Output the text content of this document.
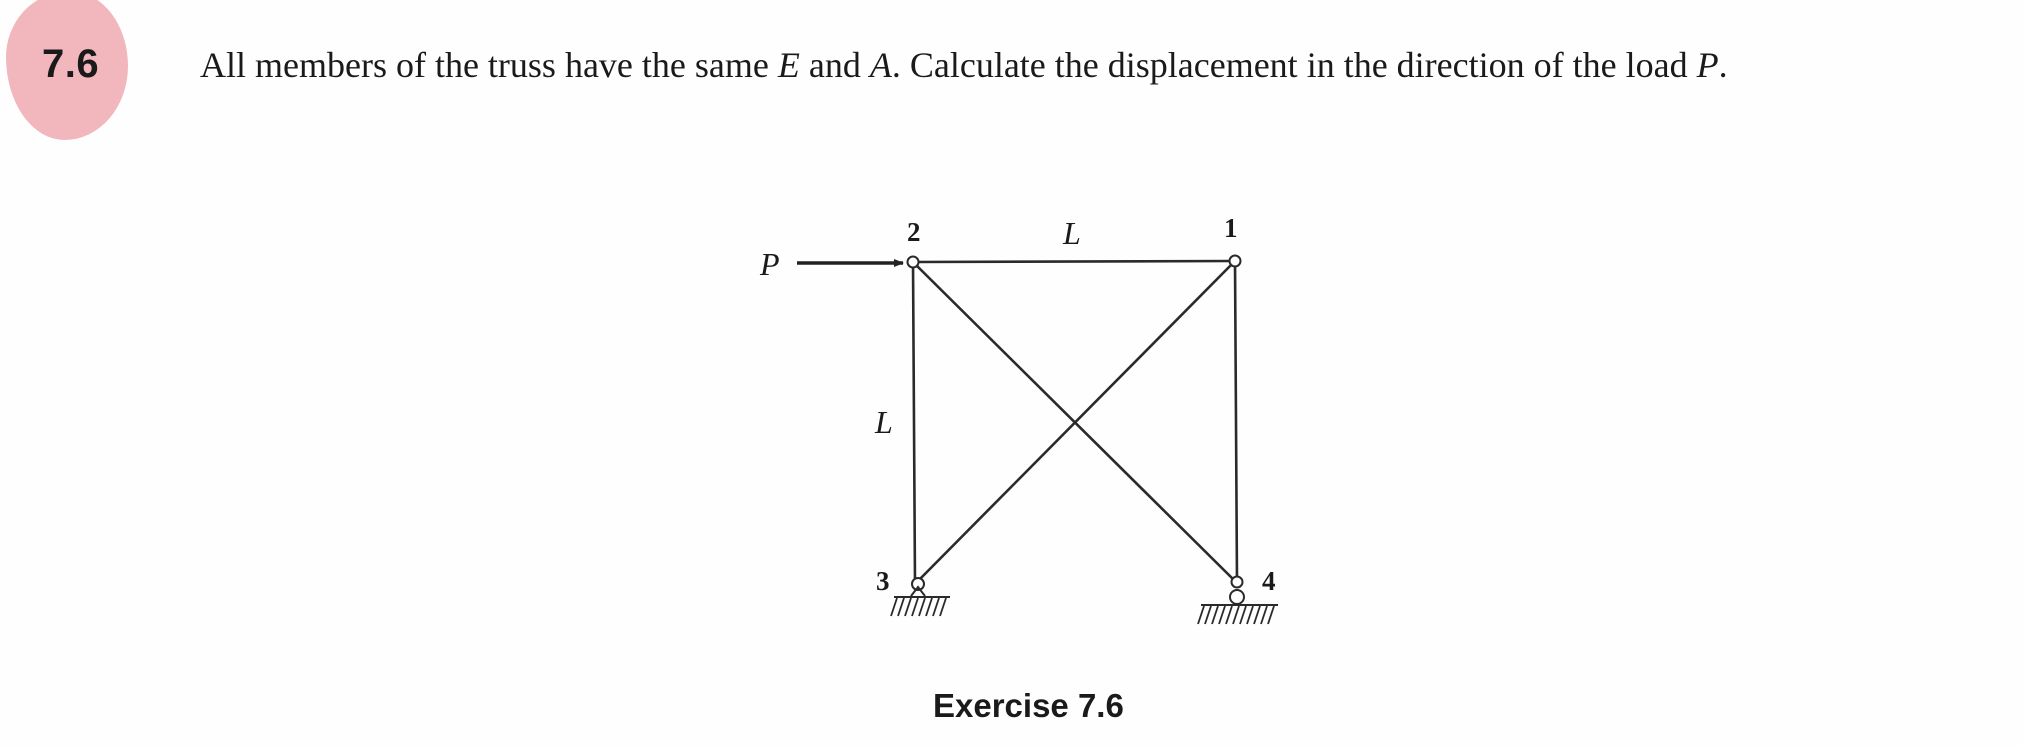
7.6	All members of the truss have the same E and A. Calculate the displacement in the direction of the load P.
P
L
L
2	1
3	4
Exercise 7.6
